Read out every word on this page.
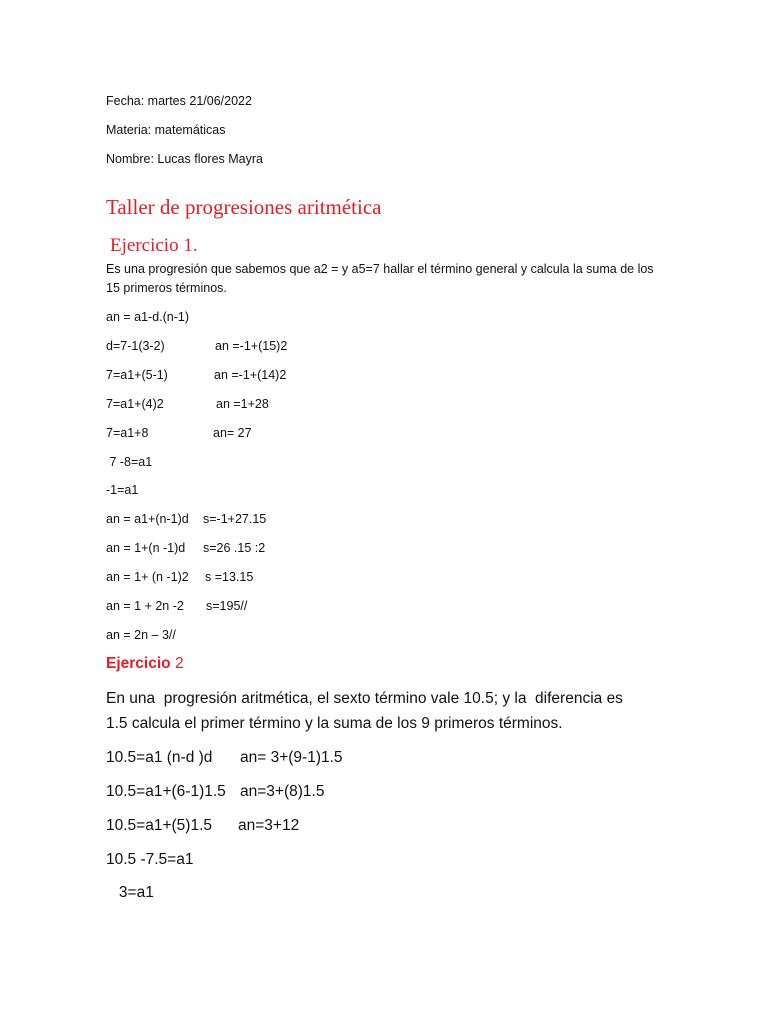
Fecha: martes 21/06/2022

Materia: matemáticas

Nombre: Lucas flores Mayra

Taller de progresiones aritmética

Ejercicio 1.

Es una progresión que sabemos que a2 = y a5=7 hallar el término general y calcula la suma de los

15 primeros términos.

an = a1-d.(n-1)

d=7-1(3-2)	an =-1+(15)2

7=a1+(5-1)	an =-1+(14)2

7=a1+(4)2	an =1+28

7=a1+8	an= 27

7 -8=a1

-1=a1

an = a1+(n-1)d s=-1+27.15

an = 1+(n -1)d s=26 .15 :2

an = 1+ (n -1)2 s =13.15

an = 1 + 2n -2 s=195//

an = 2n – 3//

Ejercicio 2

En una  progresión aritmética, el sexto término vale 10.5; y la  diferencia es

1.5 calcula el primer término y la suma de los 9 primeros términos.

10.5=a1 (n-d )d an= 3+(9-1)1.5

10.5=a1+(6-1)1.5 an=3+(8)1.5

10.5=a1+(5)1.5 an=3+12

10.5 -7.5=a1

3=a1
